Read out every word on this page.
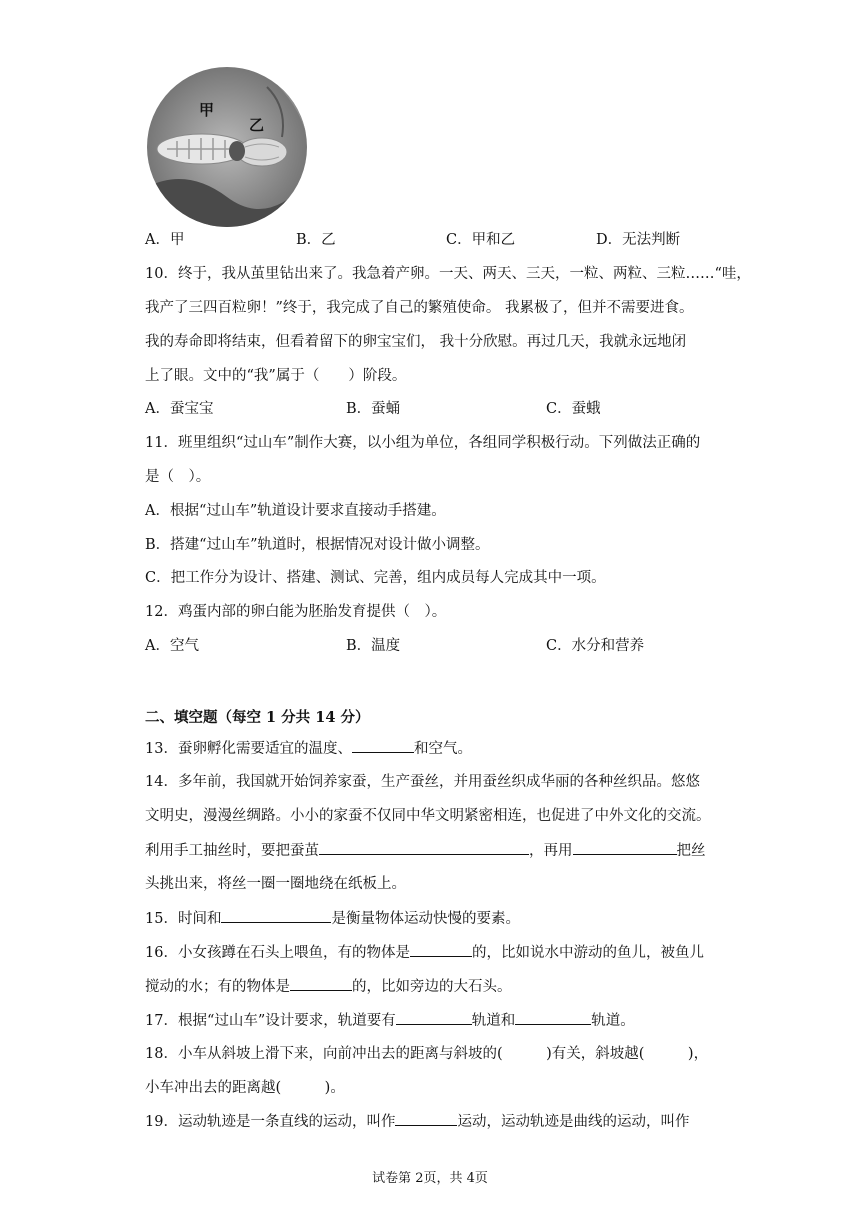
甲
乙
A．甲	B．乙	C．甲和乙	D．无法判断
10．终于，我从茧里钻出来了。我急着产卵。一天、两天、三天，一粒、两粒、三粒……“哇，
我产了三四百粒卵！”终于，我完成了自己的繁殖使命。 我累极了，但并不需要进食。
我的寿命即将结束，但看着留下的卵宝宝们， 我十分欣慰。再过几天，我就永远地闭
上了眼。文中的“我”属于（　　）阶段。
A．蚕宝宝	B．蚕蛹	C．蚕蛾
11．班里组织“过山车”制作大赛，以小组为单位，各组同学积极行动。下列做法正确的
是（　）。
A．根据“过山车”轨道设计要求直接动手搭建。
B．搭建“过山车”轨道时，根据情况对设计做小调整。
C．把工作分为设计、搭建、测试、完善，组内成员每人完成其中一项。
12．鸡蛋内部的卵白能为胚胎发育提供（　）。
A．空气	B．温度	C．水分和营养
二、填空题（每空 1 分共 14 分）
13．蚕卵孵化需要适宜的温度、	和空气。
14．多年前，我国就开始饲养家蚕，生产蚕丝，并用蚕丝织成华丽的各种丝织品。悠悠
文明史，漫漫丝绸路。小小的家蚕不仅同中华文明紧密相连，也促进了中外文化的交流。
利用手工抽丝时，要把蚕茧	，再用	把丝
头挑出来，将丝一圈一圈地绕在纸板上。
15．时间和	是衡量物体运动快慢的要素。
16．小女孩蹲在石头上喂鱼，有的物体是	的，比如说水中游动的鱼儿，被鱼儿
搅动的水；有的物体是	的，比如旁边的大石头。
17．根据“过山车”设计要求，轨道要有	轨道和	轨道。
18．小车从斜坡上滑下来，向前冲出去的距离与斜坡的(　　　)有关，斜坡越(　　　)，
小车冲出去的距离越(　　　)。
19．运动轨迹是一条直线的运动，叫作	运动，运动轨迹是曲线的运动，叫作
试卷第 2页，共 4页
